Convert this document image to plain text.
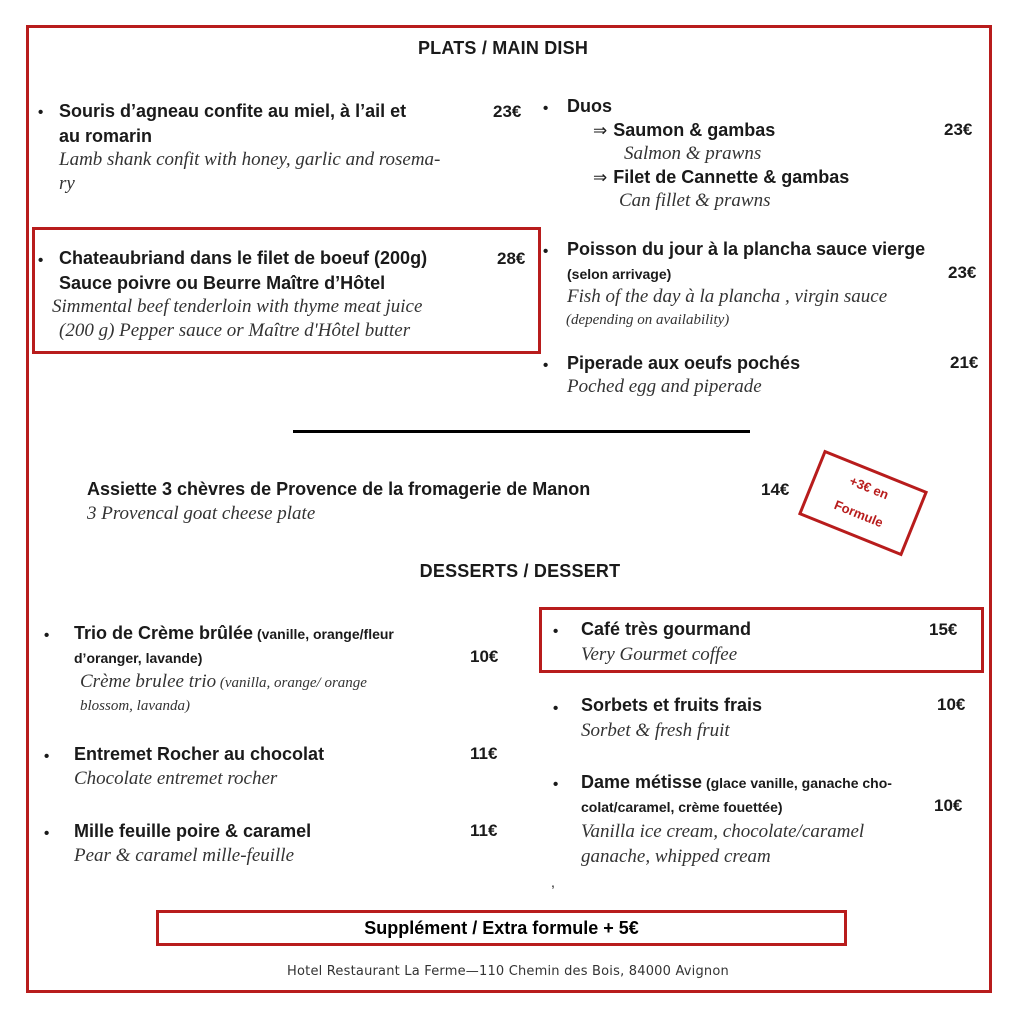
PLATS / MAIN DISH
• Souris d’agneau confite au miel, à l’ail et
au romarin
23€
Lamb shank confit with honey, garlic and rosema-
ry
• Chateaubriand dans le filet de boeuf (200g)
Sauce poivre ou Beurre Maître d’Hôtel
28€
Simmental beef tenderloin with thyme meat juice
(200 g) Pepper sauce or Maître d'Hôtel butter
• Duos
⇒ Saumon & gambas	23€
Salmon & prawns
⇒ Filet de Cannette & gambas
Can fillet & prawns
• Poisson du jour à la plancha sauce vierge
(selon arrivage)	23€
Fish of the day à la plancha , virgin sauce
(depending on availability)
• Piperade aux oeufs pochés	21€
Poched egg and piperade
Assiette 3 chèvres de Provence de la fromagerie de Manon	14€
3 Provencal goat cheese plate
+3€ en
Formule
DESSERTS / DESSERT
• Trio de Crème brûlée (vanille, orange/fleur
d’oranger, lavande)	10€
Crème brulee trio (vanilla, orange/ orange
blossom, lavanda)
• Entremet Rocher au chocolat	11€
Chocolate entremet rocher
• Mille feuille poire & caramel	11€
Pear & caramel mille-feuille
• Café très gourmand	15€
Very Gourmet coffee
• Sorbets et fruits frais	10€
Sorbet & fresh fruit
• Dame métisse (glace vanille, ganache cho-
colat/caramel, crème fouettée)	10€
Vanilla ice cream, chocolate/caramel
ganache, whipped cream
,
Supplément / Extra formule + 5€
Hotel Restaurant La Ferme—110 Chemin des Bois, 84000 Avignon
